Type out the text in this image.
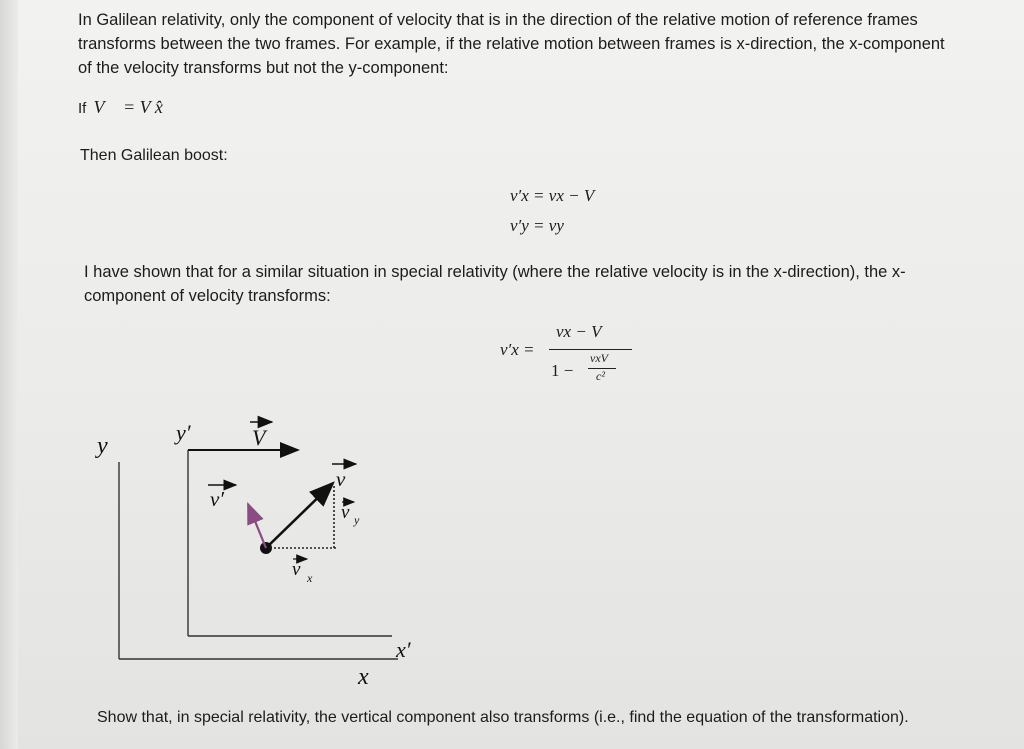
In Galilean relativity, only the component of velocity that is in the direction of the relative motion of reference frames

transforms between the two frames. For example, if the relative motion between frames is x-direction, the x-component

of the velocity transforms but not the y-component:

If V⃗ = V x̂

Then Galilean boost:

v′x = vx − V
v′y = vy

I have shown that for a similar situation in special relativity (where the relative velocity is in the x-direction), the x-

component of velocity transforms:

v′x =
vx − V
1 −
vxV
c²
y
y′	V
v′
v
v y
v x
x
x′

Show that, in special relativity, the vertical component also transforms (i.e., find the equation of the transformation).
